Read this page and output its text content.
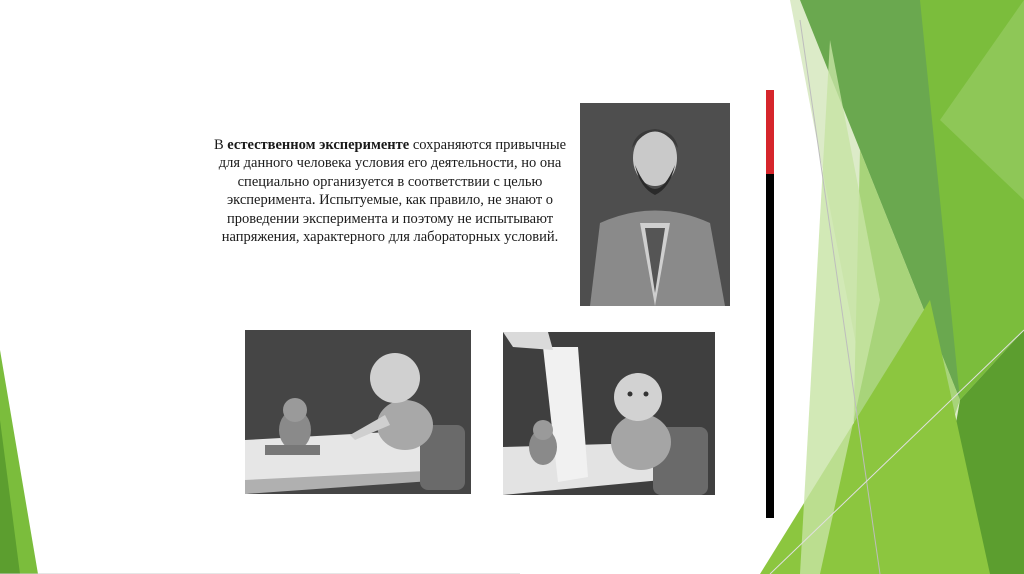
В естественном эксперименте сохраняются привычные для данного человека условия его деятельности, но она специально организуется в соответствии с целью эксперимента. Испытуемые, как правило, не знают о проведении эксперимента и поэтому не испытывают напряжения, характерного для лабораторных условий.
